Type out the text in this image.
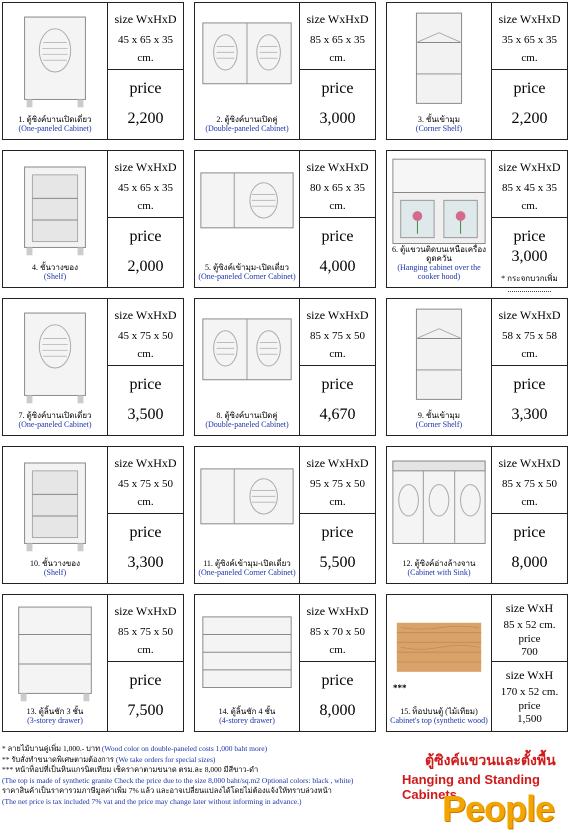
1. ตู้ซิงค์บานเปิดเดี่ยว
(One-paneled Cabinet)
size WxHxD
45 x 65 x 35
cm.
price
2,200	2. ตู้ซิงค์บานเปิดคู่
(Double-paneled Cabinet)
size WxHxD
85 x 65 x 35
cm.
price
3,000	3. ชั้นเข้ามุม
(Corner Shelf)
size WxHxD
35 x 65 x 35
cm.
price
2,200
4. ชั้นวางของ
(Shelf)
size WxHxD
45 x 65 x 35
cm.
price
2,000	5. ตู้ซิงค์เข้ามุม-เปิดเดี่ยว
(One-paneled Corner Cabinet)
size WxHxD
80 x 65 x 35
cm.
price
4,000
6. ตู้แขวนติดบนเหนือเครื่องดูดควัน
(Hanging cabinet over the cooker hood)
size WxHxD
85 x 45 x 35
cm.
price
3,000
* กระจกบวกเพิ่ม
......................
7. ตู้ซิงค์บานเปิดเดี่ยว
(One-paneled Cabinet)
size WxHxD
45 x 75 x 50
cm.
price
3,500	8. ตู้ซิงค์บานเปิดคู่
(Double-paneled Cabinet)
size WxHxD
85 x 75 x 50
cm.
price
4,670	9. ชั้นเข้ามุม
(Corner Shelf)
size WxHxD
58 x 75 x 58
cm.
price
3,300
10. ชั้นวางของ
(Shelf)
size WxHxD
45 x 75 x 50
cm.
price
3,300	11. ตู้ซิงค์เข้ามุม-เปิดเดี่ยว
(One-paneled Corner Cabinet)
size WxHxD
95 x 75 x 50
cm.
price
5,500	12. ตู้ซิงค์อ่างล้างจาน
(Cabinet with Sink)
size WxHxD
85 x 75 x 50
cm.
price
8,000
13. ตู้ลิ้นชัก 3 ชั้น
(3-storey drawer)
size WxHxD
85 x 75 x 50
cm.
price
7,500	14. ตู้ลิ้นชัก 4 ชั้น
(4-storey drawer)
size WxHxD
85 x 70 x 50
cm.
price
8,000
***
15. ท็อปบนตู้ (ไม้เทียม)
Cabinet's top (synthetic wood)
size WxH
85 x 52 cm.
price
700
size WxH
170 x 52 cm.
price
1,500
* ลายไม้บานคู่เพิ่ม 1,000.- บาท (Wood color on double-paneled costs 1,000 baht more)
** รับสั่งทำขนาดพิเศษตามต้องการ (We take orders for special sizes)
*** หน้าท็อปที่เป็นหินแกรนิตเทียม เช็คราคาตามขนาด ตรม.ละ 8,000 มีสีขาว-ดำ
(The top is made of synthetic granite Check the price due to the size 8,000 baht/sq.m2 Optional colors: black , white)
ราคาสินค้าเป็นราคารวมภาษีมูลค่าเพิ่ม 7% แล้ว และอาจเปลี่ยนแปลงได้โดยไม่ต้องแจ้งให้ทราบล่วงหน้า
(The net price is tax included 7% vat and the price may change later without informing in advance.)
ตู้ซิงค์แขวนและตั้งพื้น
Hanging and Standing Cabinets
People
